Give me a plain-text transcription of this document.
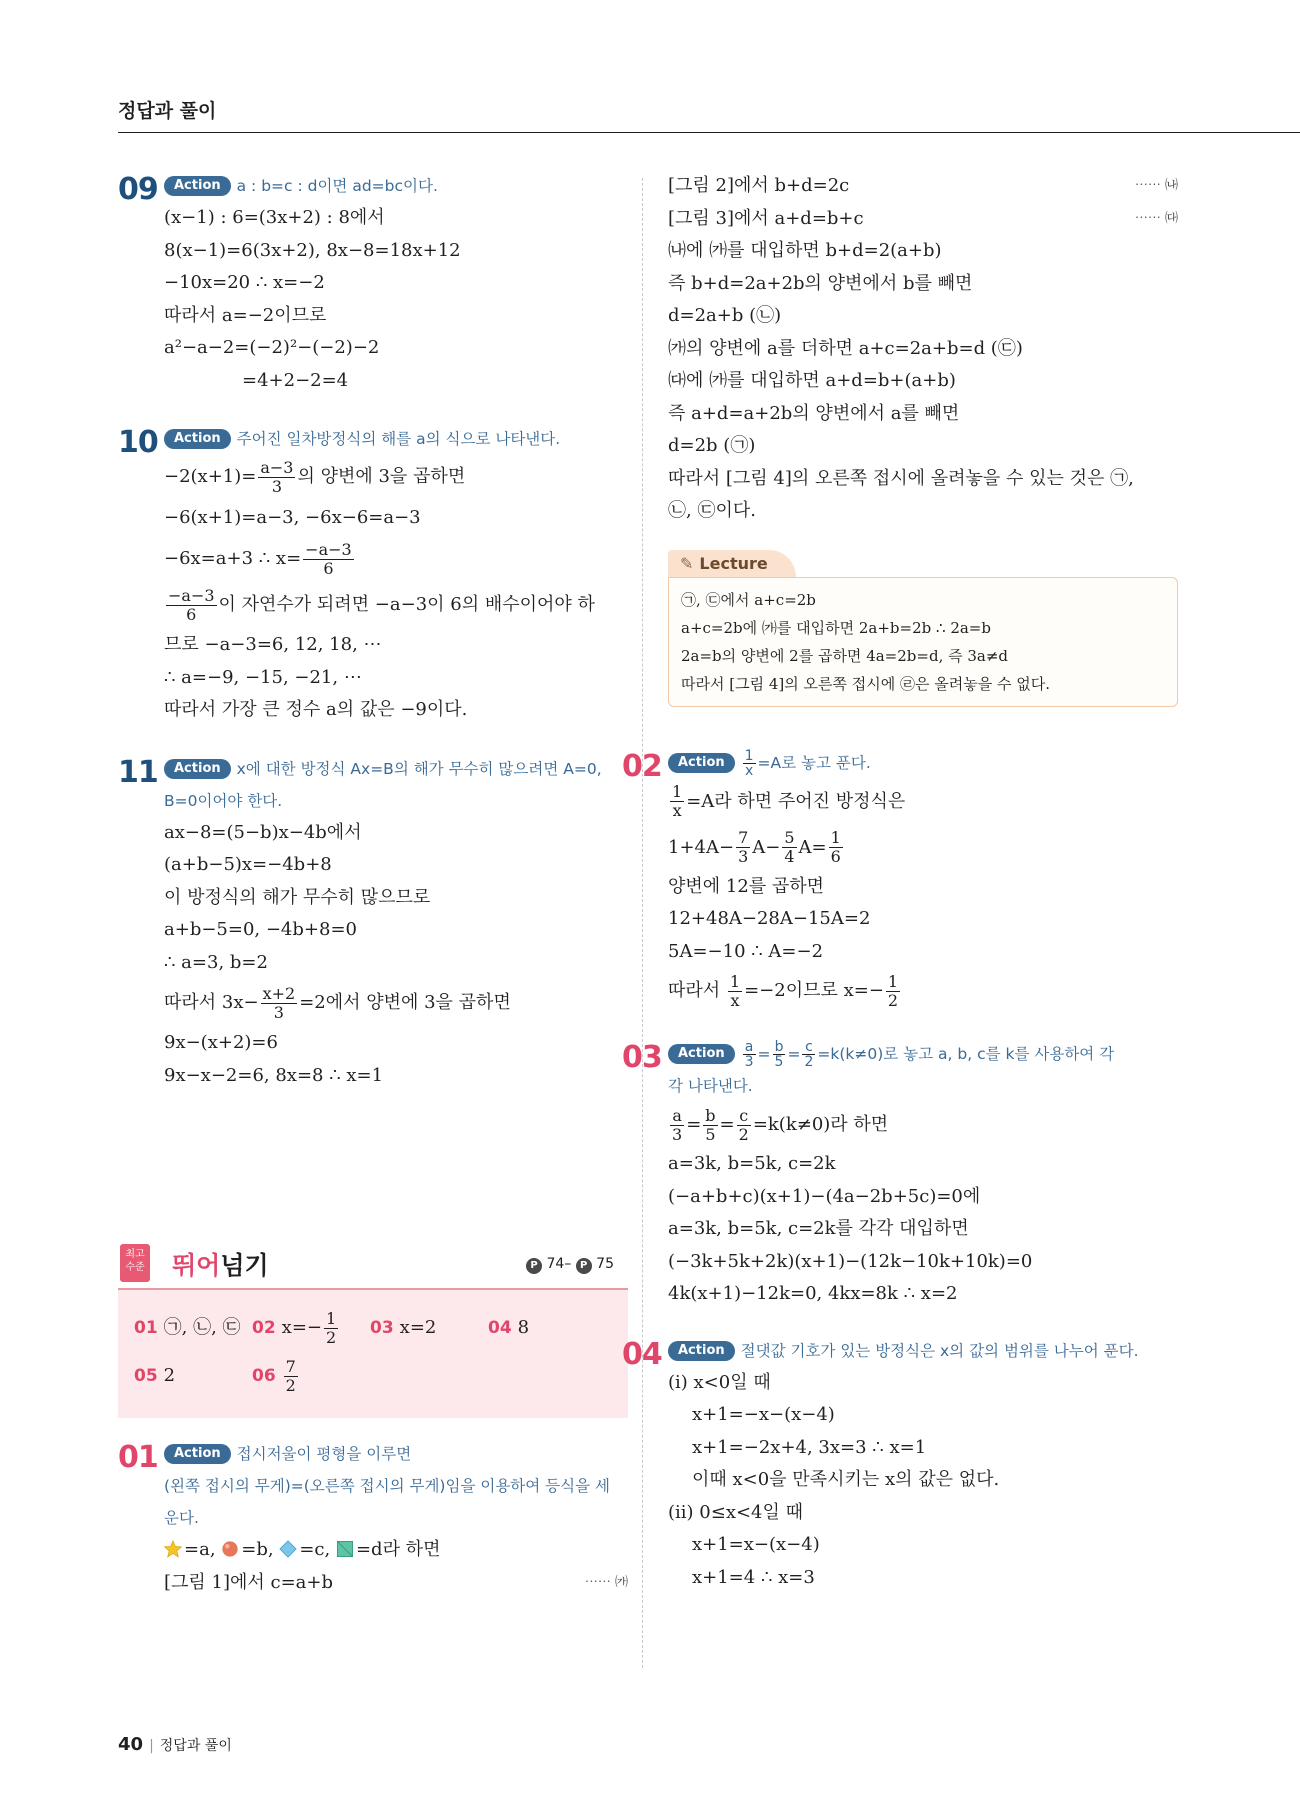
정답과 풀이
09	Action a : b=c : d이면 ad=bc이다.
(x−1) : 6=(3x+2) : 8에서
8(x−1)=6(3x+2), 8x−8=18x+12
−10x=20 ∴ x=−2
따라서 a=−2이므로
a²−a−2=(−2)²−(−2)−2
=4+2−2=4
10	Action 주어진 일차방정식의 해를 a의 식으로 나타낸다.
$-2(x+1)= \frac{a-3}{3}$ 의 양변에 3을 곱하면
−6(x+1)=a−3, −6x−6=a−3
−6x=a+3 ∴ $x= \frac{-a-3}{6}$
$\frac{-a-3}{6}$ 이 자연수가 되려면 −a−3이 6의 배수이어야 하
므로 −a−3=6, 12, 18, ⋯
∴ a=−9, −15, −21, ⋯
따라서 가장 큰 정수 a의 값은 −9이다.
11	Action x에 대한 방정식 Ax=B의 해가 무수히 많으려면 A=0,
B=0이어야 한다.
ax−8=(5−b)x−4b에서
(a+b−5)x=−4b+8
이 방정식의 해가 무수히 많으므로
a+b−5=0, −4b+8=0
∴ a=3, b=2
따라서 $3x- \frac{x+2}{3} =2$에서 양변에 3을 곱하면
9x−(x+2)=6
9x−x−2=6, 8x=8 ∴ x=1
최고
수준 뛰어넘기	P 74– P 75
01 ㉠, ㉡, ㉢ 02 $x=- \frac{1}{2} 03$ x=2	04 8
05 2	$06 \frac{7}{2}$
01	Action 접시저울이 평형을 이루면
(왼쪽 접시의 무게)=(오른쪽 접시의 무게)임을 이용하여 등식을 세
운다.
=a, =b, =c, =d라 하면
[그림 1]에서 c=a+b	⋯⋯ ㈎
[그림 2]에서 b+d=2c	⋯⋯ ㈏
[그림 3]에서 a+d=b+c	⋯⋯ ㈐
㈏에 ㈎를 대입하면 b+d=2(a+b)
즉 b+d=2a+2b의 양변에서 b를 빼면
d=2a+b (㉡)
㈎의 양변에 a를 더하면 a+c=2a+b=d (㉢)
㈐에 ㈎를 대입하면 a+d=b+(a+b)
즉 a+d=a+2b의 양변에서 a를 빼면
d=2b (㉠)
따라서 [그림 4]의 오른쪽 접시에 올려놓을 수 있는 것은 ㉠,
㉡, ㉢이다.
✎ Lecture
㉠, ㉢에서 a+c=2b
a+c=2b에 ㈎를 대입하면 2a+b=2b ∴ 2a=b
2a=b의 양변에 2를 곱하면 4a=2b=d, 즉 3a≠d
따라서 [그림 4]의 오른쪽 접시에 ㉣은 올려놓을 수 없다.
02	Action $\frac{1}{x} =A$로 놓고 푼다.
$\frac{1}{x} =A$라 하면 주어진 방정식은
$1+4A- \frac{7}{3} A- \frac{5}{4} A= \frac{1}{6}$
양변에 12를 곱하면
12+48A−28A−15A=2
5A=−10 ∴ A=−2
따라서 $\frac{1}{x} =-2$이므로 $x=- \frac{1}{2}$
03	Action $\frac{a}{3} = \frac{b}{5} = \frac{c}{2} =k(k\ne 0)$로 놓고 a, b, c를 k를 사용하여 각
각 나타낸다.
$\frac{a}{3} = \frac{b}{5} = \frac{c}{2} =k(k\ne 0)$라 하면
a=3k, b=5k, c=2k
(−a+b+c)(x+1)−(4a−2b+5c)=0에
a=3k, b=5k, c=2k를 각각 대입하면
(−3k+5k+2k)(x+1)−(12k−10k+10k)=0
4k(x+1)−12k=0, 4kx=8k ∴ x=2
04	Action 절댓값 기호가 있는 방정식은 x의 값의 범위를 나누어 푼다.
(ⅰ) x<0일 때
x+1=−x−(x−4)
x+1=−2x+4, 3x=3 ∴ x=1
이때 x<0을 만족시키는 x의 값은 없다.
(ⅱ) 0≤x<4일 때
x+1=x−(x−4)
x+1=4 ∴ x=3
40 | 정답과 풀이
